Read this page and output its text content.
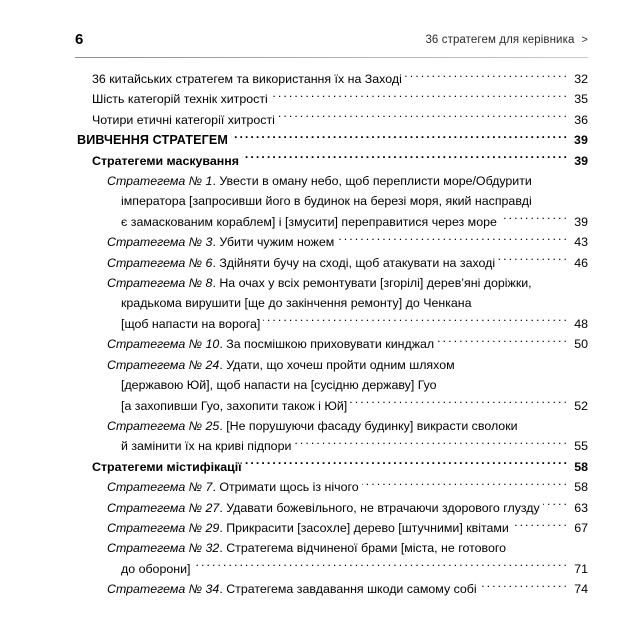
6	36 стратегем для керівника >
36 китайських стратегем та використання їх на Заході .....	32
Шість категорій технік хитрості .....	35
Чотири етичні категорії хитрості .....	36
ВИВЧЕННЯ СТРАТЕГЕМ .....	39
Стратегеми маскування .....	39
Стратегема № 1. Увести в оману небо, щоб переплисти море/Обдурити
імператора [запросивши його в будинок на березі моря, який насправді
є замаскованим кораблем] і [змусити] переправитися через море .....	39
Стратегема № 3. Убити чужим ножем .....	43
Стратегема № 6. Здійняти бучу на сході, щоб атакувати на заході .....	46
Стратегема № 8. На очах у всіх ремонтувати [згорілі] дерев’яні доріжки,
крадькома вирушити [ще до закінчення ремонту] до Ченкана
[щоб напасти на ворога] .....	48
Стратегема № 10. За посмішкою приховувати кинджал .....	50
Стратегема № 24. Удати, що хочеш пройти одним шляхом
[державою Юй], щоб напасти на [сусідню державу] Гуо
[а захопивши Гуо, захопити також і Юй] .....	52
Стратегема № 25. [Не порушуючи фасаду будинку] викрасти сволоки
й замінити їх на криві підпори .....	55
Стратегеми містифікації .....	58
Стратегема № 7. Отримати щось із нічого .....	58
Стратегема № 27. Удавати божевільного, не втрачаючи здорового глузду .....	63
Стратегема № 29. Прикрасити [засохле] дерево [штучними] квітами .....	67
Стратегема № 32. Стратегема відчиненої брами [міста, не готового
до оборони] .....	71
Стратегема № 34. Стратегема завдавання шкоди самому собі .....	74
